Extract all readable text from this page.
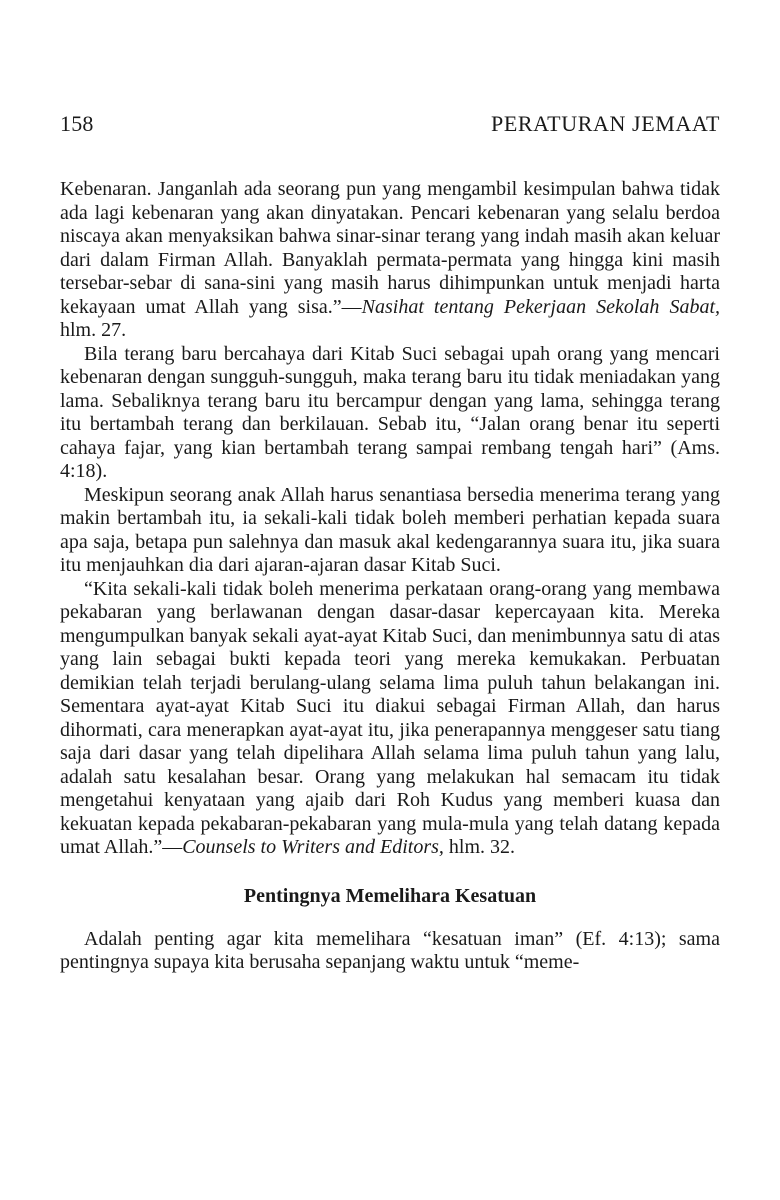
158	PERATURAN JEMAAT

Kebenaran. Janganlah ada seorang pun yang mengambil kesimpulan bahwa tidak ada lagi kebenaran yang akan dinyatakan. Pencari kebenaran yang selalu berdoa niscaya akan menyaksikan bahwa sinar-sinar terang yang indah masih akan keluar dari dalam Firman Allah. Banyaklah permata-permata yang hingga kini masih tersebar-sebar di sana-sini yang masih harus dihimpunkan untuk menjadi harta kekayaan umat Allah yang sisa.”—Nasihat tentang Pekerjaan Sekolah Sabat, hlm. 27.

Bila terang baru bercahaya dari Kitab Suci sebagai upah orang yang mencari kebenaran dengan sungguh-sungguh, maka terang baru itu tidak meniadakan yang lama. Sebaliknya terang baru itu bercampur dengan yang lama, sehingga terang itu bertambah terang dan berkilauan. Sebab itu, “Jalan orang benar itu seperti cahaya fajar, yang kian bertambah terang sampai rembang tengah hari” (Ams. 4:18).

Meskipun seorang anak Allah harus senantiasa bersedia menerima terang yang makin bertambah itu, ia sekali-kali tidak boleh memberi perhatian kepada suara apa saja, betapa pun salehnya dan masuk akal kedengarannya suara itu, jika suara itu menjauhkan dia dari ajaran-ajaran dasar Kitab Suci.

“Kita sekali-kali tidak boleh menerima perkataan orang-orang yang membawa pekabaran yang berlawanan dengan dasar-dasar kepercayaan kita. Mereka mengumpulkan banyak sekali ayat-ayat Kitab Suci, dan menimbunnya satu di atas yang lain sebagai bukti kepada teori yang mereka kemukakan. Perbuatan demikian telah terjadi berulang-ulang selama lima puluh tahun belakangan ini. Sementara ayat-ayat Kitab Suci itu diakui sebagai Firman Allah, dan harus dihormati, cara menerapkan ayat-ayat itu, jika penerapannya menggeser satu tiang saja dari dasar yang telah dipelihara Allah selama lima puluh tahun yang lalu, adalah satu kesalahan besar. Orang yang melakukan hal semacam itu tidak mengetahui kenyataan yang ajaib dari Roh Kudus yang memberi kuasa dan kekuatan kepada pekabaran-pekabaran yang mula-mula yang telah datang kepada umat Allah.”—Counsels to Writers and Editors, hlm. 32.

Pentingnya Memelihara Kesatuan

Adalah penting agar kita memelihara “kesatuan iman” (Ef. 4:13); sama pentingnya supaya kita berusaha sepanjang waktu untuk “meme-
